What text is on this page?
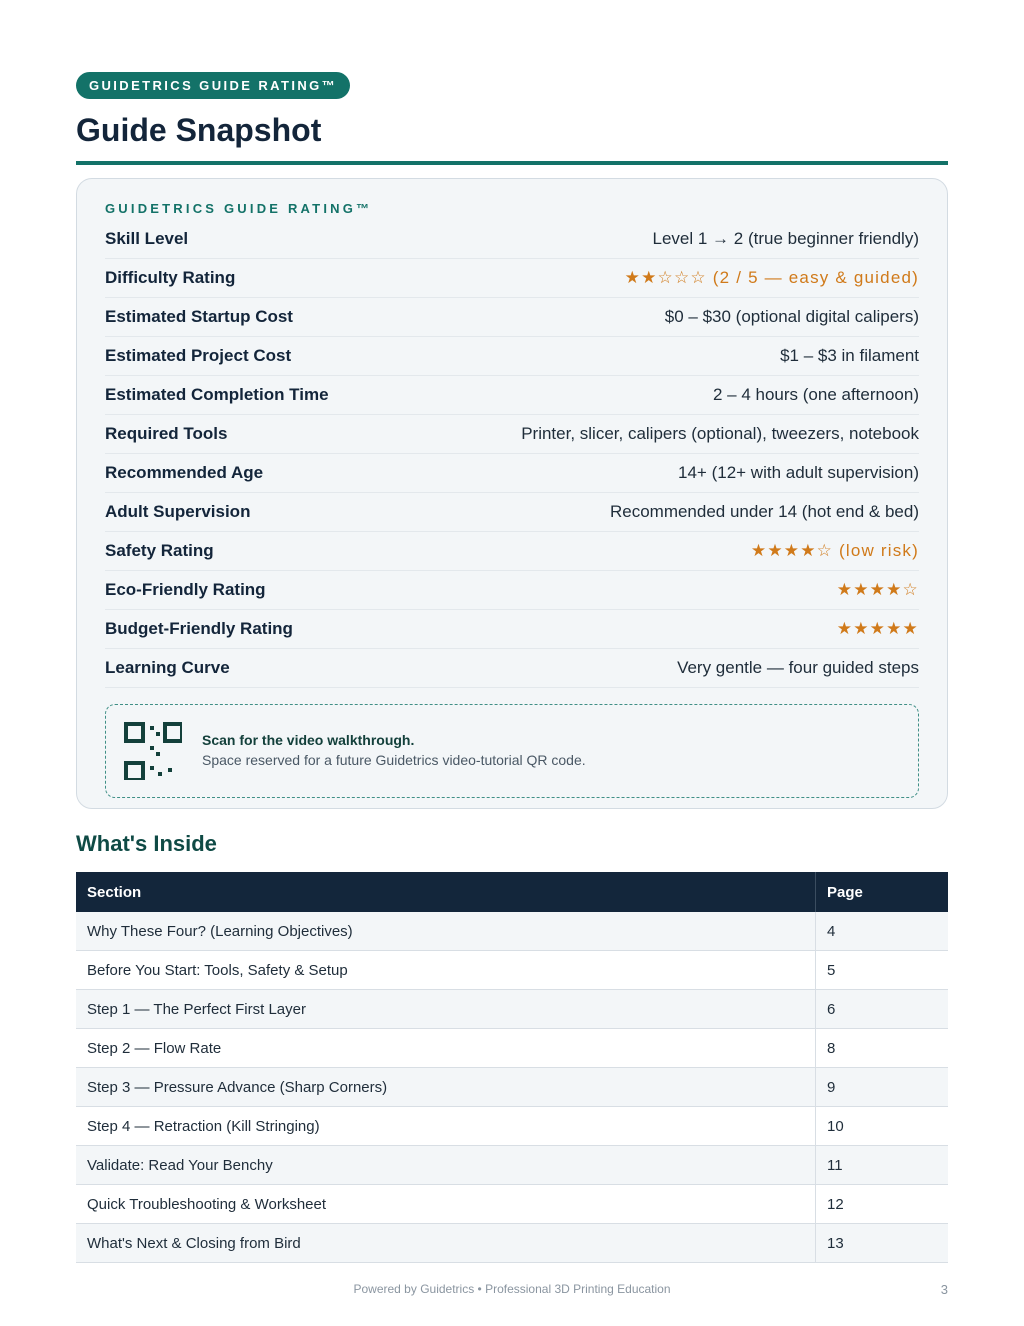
GUIDETRICS GUIDE RATING™
Guide Snapshot
GUIDETRICS GUIDE RATING™
Skill Level	Level 1 → 2 (true beginner friendly)
Difficulty Rating	★★☆☆☆ (2 / 5 — easy & guided)
Estimated Startup Cost	$0 – $30 (optional digital calipers)
Estimated Project Cost	$1 – $3 in filament
Estimated Completion Time	2 – 4 hours (one afternoon)
Required Tools	Printer, slicer, calipers (optional), tweezers, notebook
Recommended Age	14+ (12+ with adult supervision)
Adult Supervision	Recommended under 14 (hot end & bed)
Safety Rating	★★★★☆ (low risk)
Eco-Friendly Rating	★★★★☆
Budget-Friendly Rating	★★★★★
Learning Curve	Very gentle — four guided steps
Scan for the video walkthrough.
Space reserved for a future Guidetrics video-tutorial QR code.
What's Inside
Section	Page
Why These Four? (Learning Objectives)	4
Before You Start: Tools, Safety & Setup	5
Step 1 — The Perfect First Layer	6
Step 2 — Flow Rate	8
Step 3 — Pressure Advance (Sharp Corners)	9
Step 4 — Retraction (Kill Stringing)	10
Validate: Read Your Benchy	11
Quick Troubleshooting & Worksheet	12
What's Next & Closing from Bird	13
Powered by Guidetrics • Professional 3D Printing Education	3
